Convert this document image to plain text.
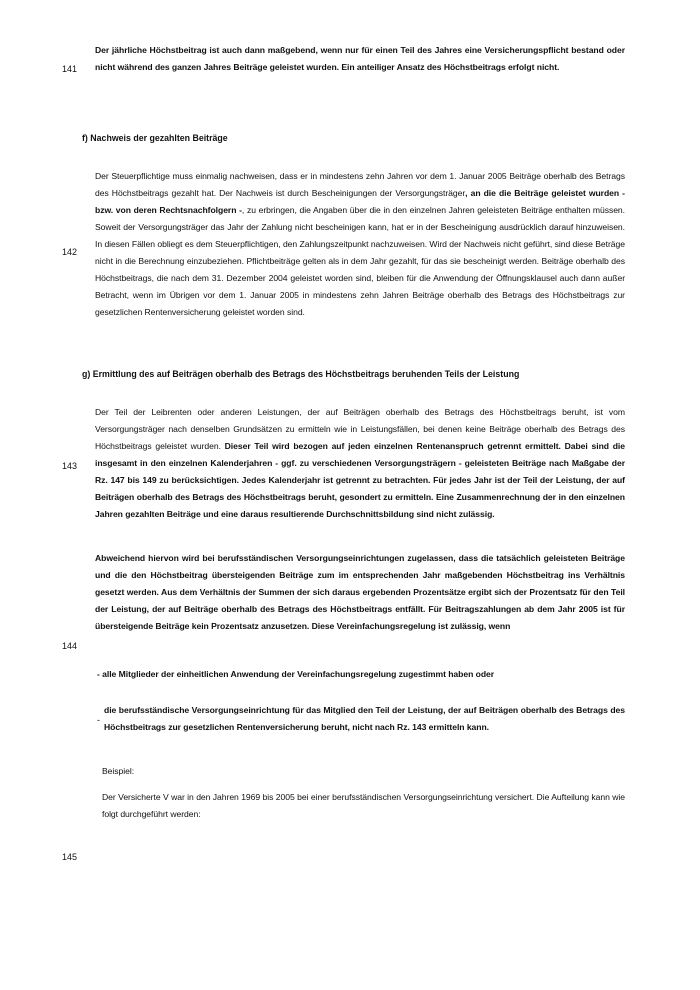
Der jährliche Höchstbeitrag ist auch dann maßgebend, wenn nur für einen Teil des Jahres eine Versicherungspflicht bestand oder nicht während des ganzen Jahres Beiträge geleistet wurden. Ein anteiliger Ansatz des Höchstbeitrags erfolgt nicht.
141
f) Nachweis der gezahlten Beiträge
Der Steuerpflichtige muss einmalig nachweisen, dass er in mindestens zehn Jahren vor dem 1. Januar 2005 Beiträge oberhalb des Betrags des Höchstbeitrags gezahlt hat. Der Nachweis ist durch Bescheinigungen der Versorgungsträger, an die die Beiträge geleistet wurden - bzw. von deren Rechtsnachfolgern -, zu erbringen, die Angaben über die in den einzelnen Jahren geleisteten Beiträge enthalten müssen. Soweit der Versorgungsträger das Jahr der Zahlung nicht bescheinigen kann, hat er in der Bescheinigung ausdrücklich darauf hinzuweisen. In diesen Fällen obliegt es dem Steuerpflichtigen, den Zahlungszeitpunkt nachzuweisen. Wird der Nachweis nicht geführt, sind diese Beträge nicht in die Berechnung einzubeziehen. Pflichtbeiträge gelten als in dem Jahr gezahlt, für das sie bescheinigt werden. Beiträge oberhalb des Höchstbeitrags, die nach dem 31. Dezember 2004 geleistet worden sind, bleiben für die Anwendung der Öffnungsklausel auch dann außer Betracht, wenn im Übrigen vor dem 1. Januar 2005 in mindestens zehn Jahren Beiträge oberhalb des Betrags des Höchstbeitrags zur gesetzlichen Rentenversicherung geleistet worden sind.
142
g) Ermittlung des auf Beiträgen oberhalb des Betrags des Höchstbeitrags beruhenden Teils der Leistung
Der Teil der Leibrenten oder anderen Leistungen, der auf Beiträgen oberhalb des Betrags des Höchstbeitrags beruht, ist vom Versorgungsträger nach denselben Grundsätzen zu ermitteln wie in Leistungsfällen, bei denen keine Beiträge oberhalb des Betrags des Höchstbeitrags geleistet wurden. Dieser Teil wird bezogen auf jeden einzelnen Rentenanspruch getrennt ermittelt. Dabei sind die insgesamt in den einzelnen Kalenderjahren - ggf. zu verschiedenen Versorgungsträgern - geleisteten Beiträge nach Maßgabe der Rz. 147 bis 149 zu berücksichtigen. Jedes Kalenderjahr ist getrennt zu betrachten. Für jedes Jahr ist der Teil der Leistung, der auf Beiträgen oberhalb des Betrags des Höchstbeitrags beruht, gesondert zu ermitteln. Eine Zusammenrechnung der in den einzelnen Jahren gezahlten Beiträge und eine daraus resultierende Durchschnittsbildung sind nicht zulässig.
143
Abweichend hiervon wird bei berufsständischen Versorgungseinrichtungen zugelassen, dass die tatsächlich geleisteten Beiträge und die den Höchstbeitrag übersteigenden Beiträge zum im entsprechenden Jahr maßgebenden Höchstbeitrag ins Verhältnis gesetzt werden. Aus dem Verhältnis der Summen der sich daraus ergebenden Prozentsätze ergibt sich der Prozentsatz für den Teil der Leistung, der auf Beiträge oberhalb des Betrags des Höchstbeitrags entfällt. Für Beitragszahlungen ab dem Jahr 2005 ist für übersteigende Beiträge kein Prozentsatz anzusetzen. Diese Vereinfachungsregelung ist zulässig, wenn
144
- alle Mitglieder der einheitlichen Anwendung der Vereinfachungsregelung zugestimmt haben oder
-
die berufsständische Versorgungseinrichtung für das Mitglied den Teil der Leistung, der auf Beiträgen oberhalb des Betrags des Höchstbeitrags zur gesetzlichen Rentenversicherung beruht, nicht nach Rz. 143 ermitteln kann.
Beispiel:
Der Versicherte V war in den Jahren 1969 bis 2005 bei einer berufsständischen Versorgungseinrichtung versichert. Die Aufteilung kann wie folgt durchgeführt werden:
145
